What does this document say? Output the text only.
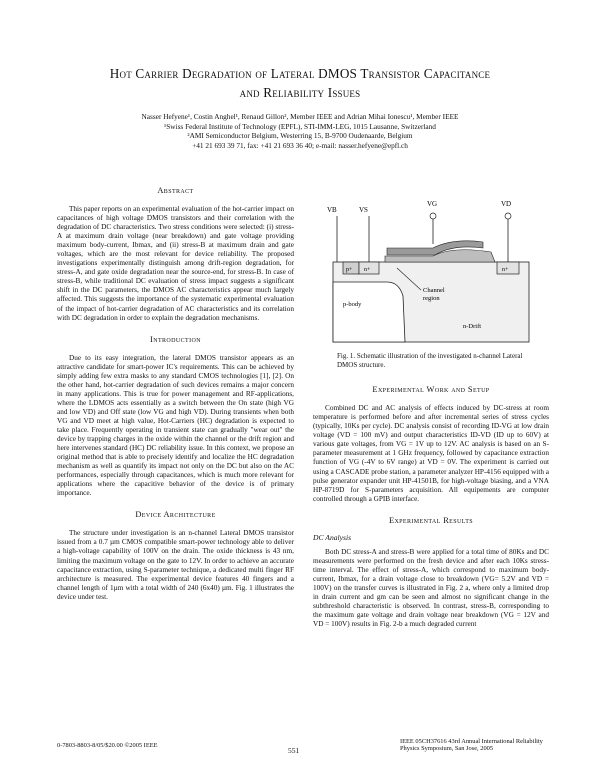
Hot Carrier Degradation of Lateral DMOS Transistor Capacitance
and Reliability Issues
Nasser Hefyene¹, Costin Anghel¹, Renaud Gillon², Member IEEE and Adrian Mihai Ionescu¹, Member IEEE
¹Swiss Federal Institute of Technology (EPFL), STI-IMM-LEG, 1015 Lausanne, Switzerland
²AMI Semiconductor Belgium, Westerring 15, B-9700 Oudenaarde, Belgium
+41 21 693 39 71, fax: +41 21 693 36 40; e-mail: nasser.hefyene@epfl.ch
Abstract

This paper reports on an experimental evaluation of the hot-carrier impact on capacitances of high voltage DMOS transistors and their correlation with the degradation of DC characteristics. Two stress conditions were selected: (i) stress-A at maximum drain voltage (near breakdown) and gate voltage providing maximum body-current, Ibmax, and (ii) stress-B at maximum drain and gate voltages, which are the most relevant for device reliability. The proposed investigations experimentally distinguish among drift-region degradation, for stress-A, and gate oxide degradation near the source-end, for stress-B. In case of stress-B, while traditional DC evaluation of stress impact suggests a significant shift in the DC parameters, the DMOS AC characteristics appear much largely affected. This suggests the importance of the systematic experimental evaluation of the impact of hot-carrier degradation of AC characteristics and its correlation with DC degradation in order to explain the degradation mechanisms.

Introduction

Due to its easy integration, the lateral DMOS transistor appears as an attractive candidate for smart-power IC's requirements. This can be achieved by simply adding few extra masks to any standard CMOS technologies [1], [2]. On the other hand, hot-carrier degradation of such devices remains a major concern in many applications. This is true for power management and RF-applications, where the LDMOS acts essentially as a switch between the On state (high VG and low VD) and Off state (low VG and high VD). During transients when both VG and VD meet at high value, Hot-Carriers (HC) degradation is expected to take place. Frequently operating in transient state can gradually "wear out" the device by trapping charges in the oxide within the channel or the drift region and here intervenes standard (HC) DC reliability issue. In this context, we propose an original method that is able to precisely identify and localize the HC degradation mechanism as well as quantify its impact not only on the DC but also on the AC performances, especially through capacitances, which is much more relevant for applications where the capacitive behavior of the device is of primary importance.

Device Architecture

The structure under investigation is an n-channel Lateral DMOS transistor issued from a 0.7 µm CMOS compatible smart-power technology able to deliver a high-voltage capability of 100V on the drain. The oxide thickness is 43 nm, limiting the maximum voltage on the gate to 12V. In order to achieve an accurate capacitance extraction, using S-parameter technique, a dedicated multi finger RF architecture is measured. The experimental device features 40 fingers and a channel length of 1µm with a total width of 240 (6x40) µm. Fig. 1 illustrates the device under test.

VB	VS
VG	VD
p+ n+	n+
p-body
Channel
region
n-Drift
Fig. 1. Schematic illustration of the investigated n-channel Lateral DMOS structure.
Experimental Work and Setup

Combined DC and AC analysis of effects induced by DC-stress at room temperature is performed before and after incremental series of stress cycles (typically, 10Ks per cycle). DC analysis consist of recording ID-VG at low drain voltage (VD = 100 mV) and output characteristics ID-VD (ID up to 60V) at various gate voltages, from VG = 1V up to 12V. AC analysis is based on an S-parameter measurement at 1 GHz frequency, followed by capacitance extraction function of VG (-4V to 6V range) at VD = 0V. The experiment is carried out using a CASCADE probe station, a parameter analyzer HP-4156 equipped with a pulse generator expander unit HP-41501B, for high-voltage biasing, and a VNA HP-8719D for S-parameters acquisition. All equipements are computer controlled through a GPIB interface.

Experimental Results
DC Analysis

Both DC stress-A and stress-B were applied for a total time of 80Ks and DC measurements were performed on the fresh device and after each 10Ks stress-time interval. The effect of stress-A, which correspond to maximum body-current, Ibmax, for a drain voltage close to breakdown (VG= 5.2V and VD = 100V) on the transfer curves is illustrated in Fig. 2 a, where only a limited drop in drain current and gm can be seen and almost no significant change in the subthreshold characteristic is observed. In contrast, stress-B, corresponding to the maximum gate voltage and drain voltage near breakdown (VG = 12V and VD = 100V) results in Fig. 2-b a much degraded current

0-7803-8803-8/05/$20.00 ©2005 IEEE
551
IEEE 05CH37616 43rd Annual International Reliability
Physics Symposium, San Jose, 2005
